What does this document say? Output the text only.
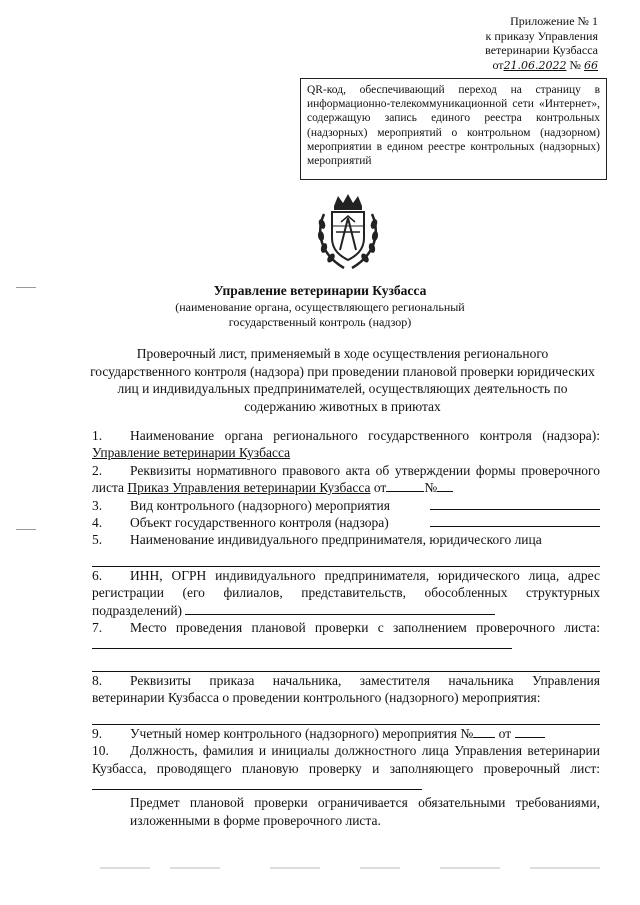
Приложение № 1
к приказу Управления
ветеринарии Кузбасса
от21.06.2022 № 66
QR-код, обеспечивающий переход на страницу в информационно-телекоммуникационной сети «Интернет», содержащую запись единого реестра контрольных (надзорных) мероприятий о контрольном (надзорном) мероприятии в едином реестре контрольных (надзорных) мероприятий
Управление ветеринарии Кузбасса
(наименование органа, осуществляющего региональный
государственный контроль (надзор)
Проверочный лист, применяемый в ходе осуществления регионального государственного контроля (надзора) при проведении плановой проверки юридических лиц и индивидуальных предпринимателей, осуществляющих деятельность по содержанию животных в приютах

1. Наименование органа регионального государственного контроля (надзора): Управление ветеринарии Кузбасса

2. Реквизиты нормативного правового акта об утверждении формы проверочного листа Приказ Управления ветеринарии Кузбасса от	№

3. Вид контрольного (надзорного) мероприятия

4. Объект государственного контроля (надзора)

5. Наименование индивидуального предпринимателя, юридического лица

6. ИНН, ОГРН индивидуального предпринимателя, юридического лица, адрес регистрации (его филиалов, представительств, обособленных структурных подразделений)

7. Место проведения плановой проверки с заполнением проверочного листа:

8. Реквизиты приказа начальника, заместителя начальника Управления ветеринарии Кузбасса о проведении контрольного (надзорного) мероприятия:

9. Учетный номер контрольного (надзорного) мероприятия № от

10. Должность, фамилия и инициалы должностного лица Управления ветеринарии Кузбасса, проводящего плановую проверку и заполняющего проверочный лист:

Предмет плановой проверки ограничивается обязательными требованиями, изложенными в форме проверочного листа.
